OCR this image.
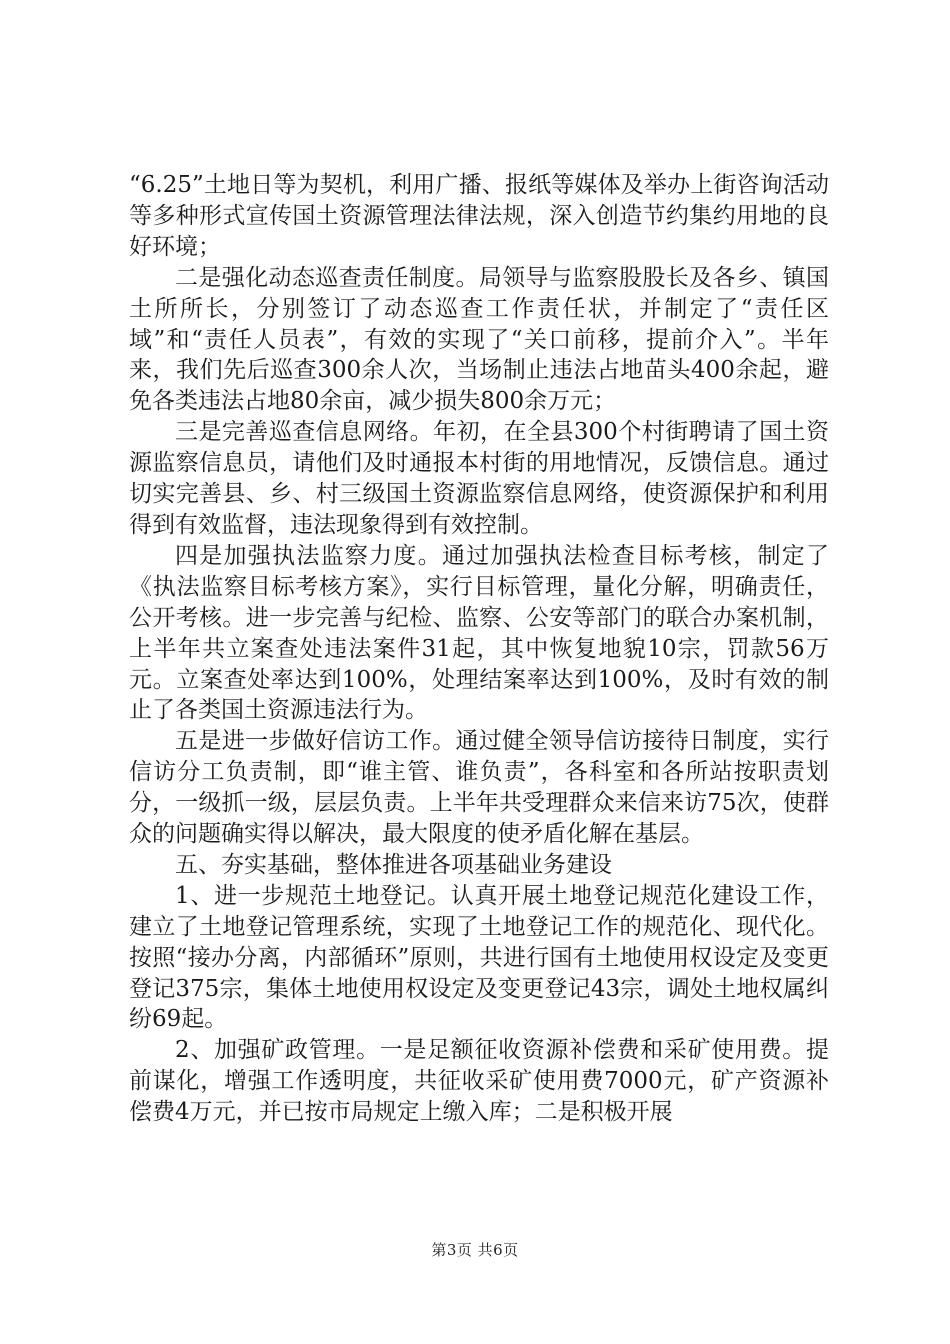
“6.25”土地日等为契机，利用广播、报纸等媒体及举办上街咨询活动等多种形式宣传国土资源管理法律法规，深入创造节约集约用地的良好环境；

二是强化动态巡查责任制度。局领导与监察股股长及各乡、镇国土所所长，分别签订了动态巡查工作责任状，并制定了“责任区域”和“责任人员表”，有效的实现了“关口前移，提前介入”。半年来，我们先后巡查300余人次，当场制止违法占地苗头400余起，避免各类违法占地80余亩，减少损失800余万元；

三是完善巡查信息网络。年初，在全县300个村街聘请了国土资源监察信息员，请他们及时通报本村街的用地情况，反馈信息。通过切实完善县、乡、村三级国土资源监察信息网络，使资源保护和利用得到有效监督，违法现象得到有效控制。

四是加强执法监察力度。通过加强执法检查目标考核，制定了《执法监察目标考核方案》，实行目标管理，量化分解，明确责任，公开考核。进一步完善与纪检、监察、公安等部门的联合办案机制，上半年共立案查处违法案件31起，其中恢复地貌10宗，罚款56万元。立案查处率达到100%，处理结案率达到100%，及时有效的制止了各类国土资源违法行为。

五是进一步做好信访工作。通过健全领导信访接待日制度，实行信访分工负责制，即“谁主管、谁负责”，各科室和各所站按职责划分，一级抓一级，层层负责。上半年共受理群众来信来访75次，使群众的问题确实得以解决，最大限度的使矛盾化解在基层。

五、夯实基础，整体推进各项基础业务建设

1、进一步规范土地登记。认真开展土地登记规范化建设工作，建立了土地登记管理系统，实现了土地登记工作的规范化、现代化。按照“接办分离，内部循环”原则，共进行国有土地使用权设定及变更登记375宗，集体土地使用权设定及变更登记43宗，调处土地权属纠纷69起。

2、加强矿政管理。一是足额征收资源补偿费和采矿使用费。提前谋化，增强工作透明度，共征收采矿使用费7000元，矿产资源补偿费4万元，并已按市局规定上缴入库；二是积极开展

第3页 共6页
